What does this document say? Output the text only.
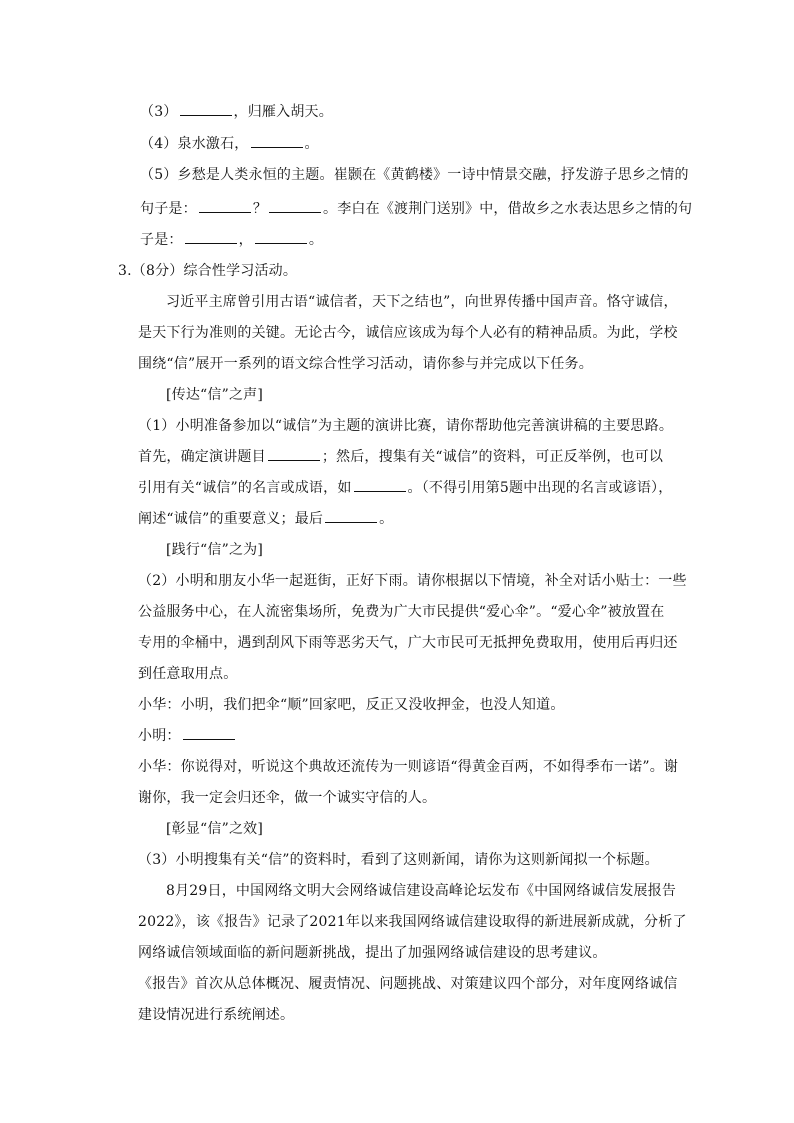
（3）	，归雁入胡天。
（4）泉水激石，	。
（5）乡愁是人类永恒的主题。崔颢在《黄鹤楼》一诗中情景交融，抒发游子思乡之情的
句子是：	？	。李白在《渡荆门送别》中，借故乡之水表达思乡之情的句
子是：	，	。
3.（8分）综合性学习活动。
习近平主席曾引用古语“诚信者，天下之结也”，向世界传播中国声音。恪守诚信，
是天下行为准则的关键。无论古今，诚信应该成为每个人必有的精神品质。为此，学校
围绕“信”展开一系列的语文综合性学习活动，请你参与并完成以下任务。
[传达“信”之声]
（1）小明准备参加以“诚信”为主题的演讲比赛，请你帮助他完善演讲稿的主要思路。
首先，确定演讲题目	；然后，搜集有关“诚信”的资料，可正反举例，也可以
引用有关“诚信”的名言或成语，如	。（不得引用第5题中出现的名言或谚语），
阐述“诚信”的重要意义；最后	。
[践行“信”之为]
（2）小明和朋友小华一起逛街，正好下雨。请你根据以下情境，补全对话小贴士：一些
公益服务中心，在人流密集场所，免费为广大市民提供“爱心伞”。“爱心伞”被放置在
专用的伞桶中，遇到刮风下雨等恶劣天气，广大市民可无抵押免费取用，使用后再归还
到任意取用点。
小华：小明，我们把伞“顺”回家吧，反正又没收押金，也没人知道。
小明：
小华：你说得对，听说这个典故还流传为一则谚语“得黄金百两，不如得季布一诺”。谢
谢你，我一定会归还伞，做一个诚实守信的人。
[彰显“信”之效]
（3）小明搜集有关“信”的资料时，看到了这则新闻，请你为这则新闻拟一个标题。
8月29日，中国网络文明大会网络诚信建设高峰论坛发布《中国网络诚信发展报告
2022》，该《报告》记录了2021年以来我国网络诚信建设取得的新进展新成就，分析了
网络诚信领域面临的新问题新挑战，提出了加强网络诚信建设的思考建议。
《报告》首次从总体概况、履责情况、问题挑战、对策建议四个部分，对年度网络诚信
建设情况进行系统阐述。
